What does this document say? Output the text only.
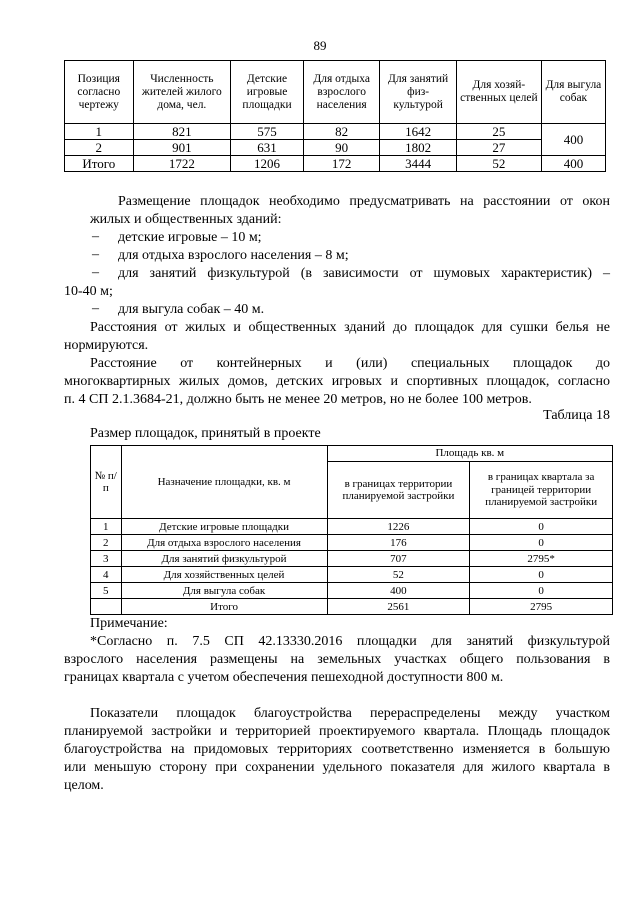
89
Позиция согласно чертежу	Численность жителей жилого дома, чел.	Детские игровые площадки	Для отдыха взрослого населения	Для занятий физ-культурой	Для хозяй-ственных целей	Для выгула собак
1	821	575	82	1642	25	400
2	901	631	90	1802	27	
Итого	1722	1206	172	3444	52	400

Размещение площадок необходимо предусматривать на расстоянии от окон

жилых и общественных зданий:

– детские игровые – 10 м;

– для отдыха взрослого населения – 8 м;

– для занятий физкультурой (в зависимости от шумовых характеристик) –

10-40 м;

– для выгула собак – 40 м.

Расстояния от жилых и общественных зданий до площадок для сушки белья не

нормируются.

Расстояние от контейнерных и (или) специальных площадок до

многоквартирных жилых домов, детских игровых и спортивных площадок, согласно

п. 4 СП 2.1.3684-21, должно быть не менее 20 метров, но не более 100 метров.

Таблица 18

Размер площадок, принятый в проекте

№ п/п	Назначение площадки, кв. м	Площадь кв. м	
		в границах территории планируемой застройки	в границах квартала за границей территории планируемой застройки
1	Детские игровые площадки	1226	0
2	Для отдыха взрослого населения	176	0
3	Для занятий физкультурой	707	2795*
4	Для хозяйственных целей	52	0
5	Для выгула собак	400	0
	Итого	2561	2795

Примечание:

*Согласно п. 7.5 СП 42.13330.2016 площадки для занятий физкультурой

взрослого населения размещены на земельных участках общего пользования в

границах квартала с учетом обеспечения пешеходной доступности 800 м.

Показатели площадок благоустройства перераспределены между участком

планируемой застройки и территорией проектируемого квартала. Площадь площадок

благоустройства на придомовых территориях соответственно изменяется в большую

или меньшую сторону при сохранении удельного показателя для жилого квартала в

целом.
